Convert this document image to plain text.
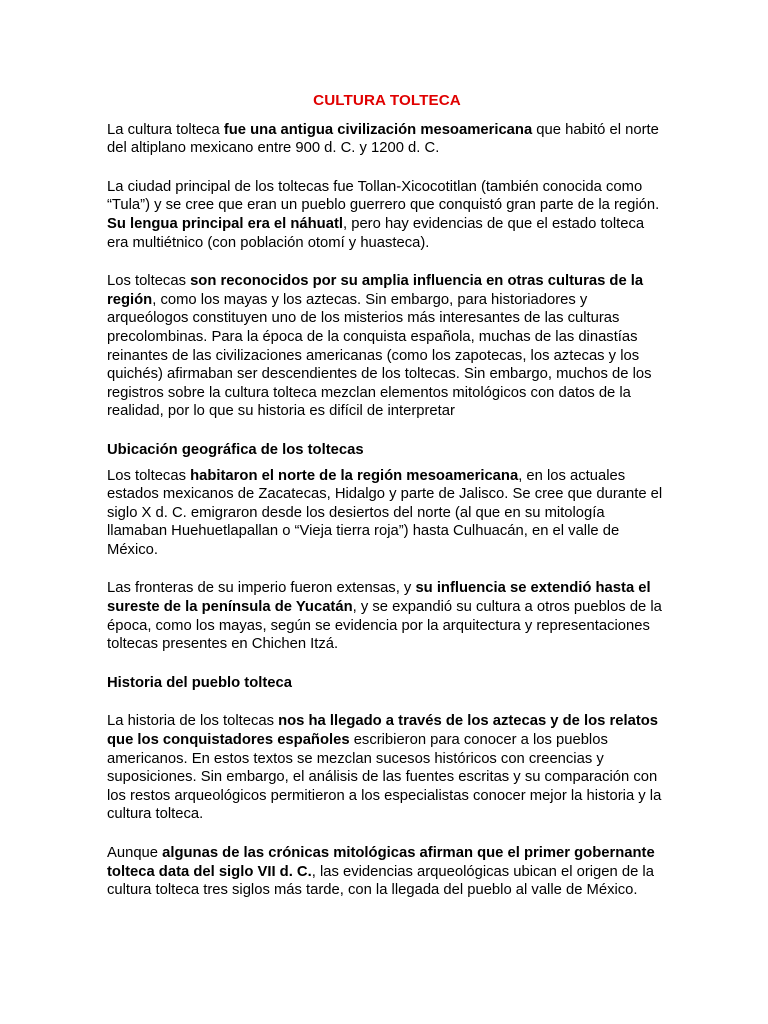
CULTURA TOLTECA

La cultura tolteca fue una antigua civilización mesoamericana que habitó el norte del altiplano mexicano entre 900 d. C. y 1200 d. C.

La ciudad principal de los toltecas fue Tollan-Xicocotitlan (también conocida como “Tula”) y se cree que eran un pueblo guerrero que conquistó gran parte de la región. Su lengua principal era el náhuatl, pero hay evidencias de que el estado tolteca era multiétnico (con población otomí y huasteca).

Los toltecas son reconocidos por su amplia influencia en otras culturas de la región, como los mayas y los aztecas. Sin embargo, para historiadores y arqueólogos constituyen uno de los misterios más interesantes de las culturas precolombinas. Para la época de la conquista española, muchas de las dinastías reinantes de las civilizaciones americanas (como los zapotecas, los aztecas y los quichés) afirmaban ser descendientes de los toltecas. Sin embargo, muchos de los registros sobre la cultura tolteca mezclan elementos mitológicos con datos de la realidad, por lo que su historia es difícil de interpretar

Ubicación geográfica de los toltecas

Los toltecas habitaron el norte de la región mesoamericana, en los actuales estados mexicanos de Zacatecas, Hidalgo y parte de Jalisco. Se cree que durante el siglo X d. C. emigraron desde los desiertos del norte (al que en su mitología llamaban Huehuetlapallan o “Vieja tierra roja”) hasta Culhuacán, en el valle de México.

Las fronteras de su imperio fueron extensas, y su influencia se extendió hasta el sureste de la península de Yucatán, y se expandió su cultura a otros pueblos de la época, como los mayas, según se evidencia por la arquitectura y representaciones toltecas presentes en Chichen Itzá.

Historia del pueblo tolteca

La historia de los toltecas nos ha llegado a través de los aztecas y de los relatos que los conquistadores españoles escribieron para conocer a los pueblos americanos. En estos textos se mezclan sucesos históricos con creencias y suposiciones. Sin embargo, el análisis de las fuentes escritas y su comparación con los restos arqueológicos permitieron a los especialistas conocer mejor la historia y la cultura tolteca.

Aunque algunas de las crónicas mitológicas afirman que el primer gobernante tolteca data del siglo VII d. C., las evidencias arqueológicas ubican el origen de la cultura tolteca tres siglos más tarde, con la llegada del pueblo al valle de México.
